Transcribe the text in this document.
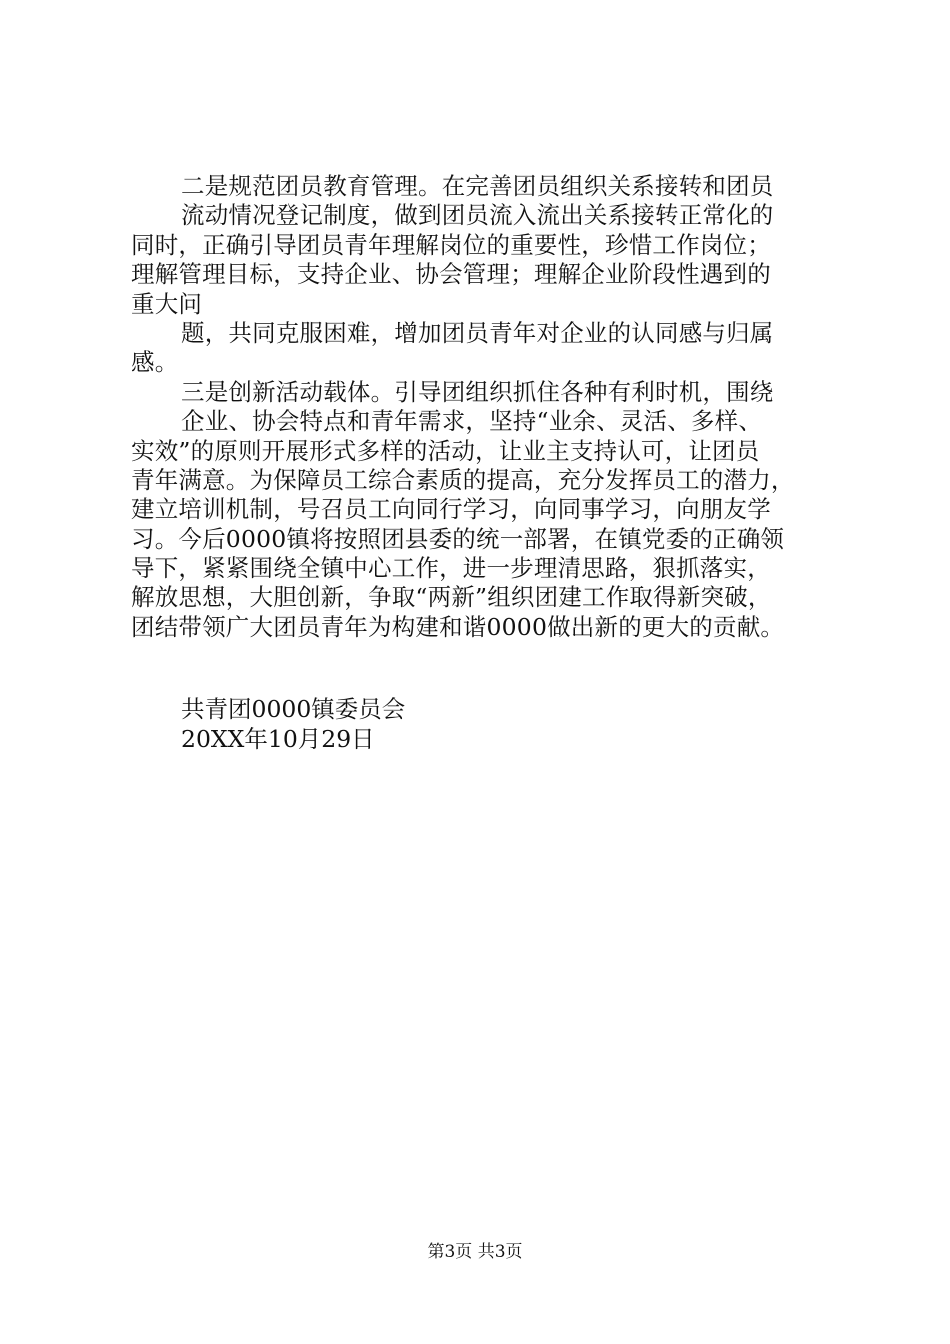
二是规范团员教育管理。在完善团员组织关系接转和团员
流动情况登记制度，做到团员流入流出关系接转正常化的
同时，正确引导团员青年理解岗位的重要性，珍惜工作岗位；
理解管理目标，支持企业、协会管理；理解企业阶段性遇到的
重大问
题，共同克服困难，增加团员青年对企业的认同感与归属
感。
三是创新活动载体。引导团组织抓住各种有利时机，围绕
企业、协会特点和青年需求，坚持“业余、灵活、多样、
实效”的原则开展形式多样的活动，让业主支持认可，让团员
青年满意。为保障员工综合素质的提高，充分发挥员工的潜力，
建立培训机制，号召员工向同行学习，向同事学习，向朋友学
习。今后0000镇将按照团县委的统一部署，在镇党委的正确领
导下，紧紧围绕全镇中心工作，进一步理清思路，狠抓落实，
解放思想，大胆创新，争取“两新”组织团建工作取得新突破，
团结带领广大团员青年为构建和谐0000做出新的更大的贡献。
共青团0000镇委员会
20XX年10月29日
第3页 共3页
